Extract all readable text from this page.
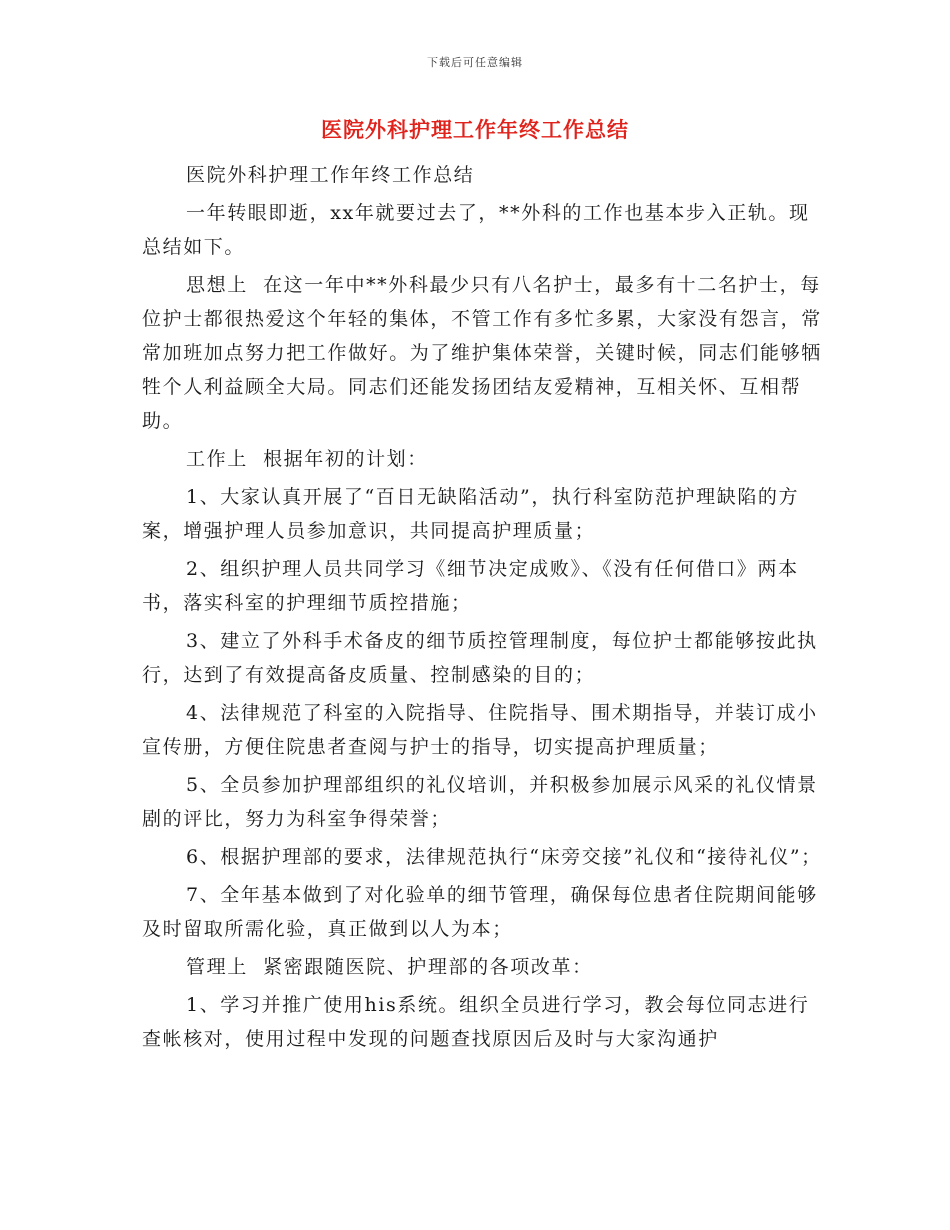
下载后可任意编辑
医院外科护理工作年终工作总结

医院外科护理工作年终工作总结

一年转眼即逝，xx年就要过去了，**外科的工作也基本步入正轨。现总结如下。

思想上  在这一年中**外科最少只有八名护士，最多有十二名护士，每位护士都很热爱这个年轻的集体，不管工作有多忙多累，大家没有怨言，常常加班加点努力把工作做好。为了维护集体荣誉，关键时候，同志们能够牺牲个人利益顾全大局。同志们还能发扬团结友爱精神，互相关怀、互相帮助。

工作上  根据年初的计划：

1、大家认真开展了“百日无缺陷活动”，执行科室防范护理缺陷的方案，增强护理人员参加意识，共同提高护理质量；

2、组织护理人员共同学习《细节决定成败》、《没有任何借口》两本书，落实科室的护理细节质控措施；

3、建立了外科手术备皮的细节质控管理制度，每位护士都能够按此执行，达到了有效提高备皮质量、控制感染的目的；

4、法律规范了科室的入院指导、住院指导、围术期指导，并装订成小宣传册，方便住院患者查阅与护士的指导，切实提高护理质量；

5、全员参加护理部组织的礼仪培训，并积极参加展示风采的礼仪情景剧的评比，努力为科室争得荣誉；

6、根据护理部的要求，法律规范执行“床旁交接”礼仪和“接待礼仪”；

7、全年基本做到了对化验单的细节管理，确保每位患者住院期间能够及时留取所需化验，真正做到以人为本；

管理上  紧密跟随医院、护理部的各项改革：

1、学习并推广使用his系统。组织全员进行学习，教会每位同志进行查帐核对，使用过程中发现的问题查找原因后及时与大家沟通护
